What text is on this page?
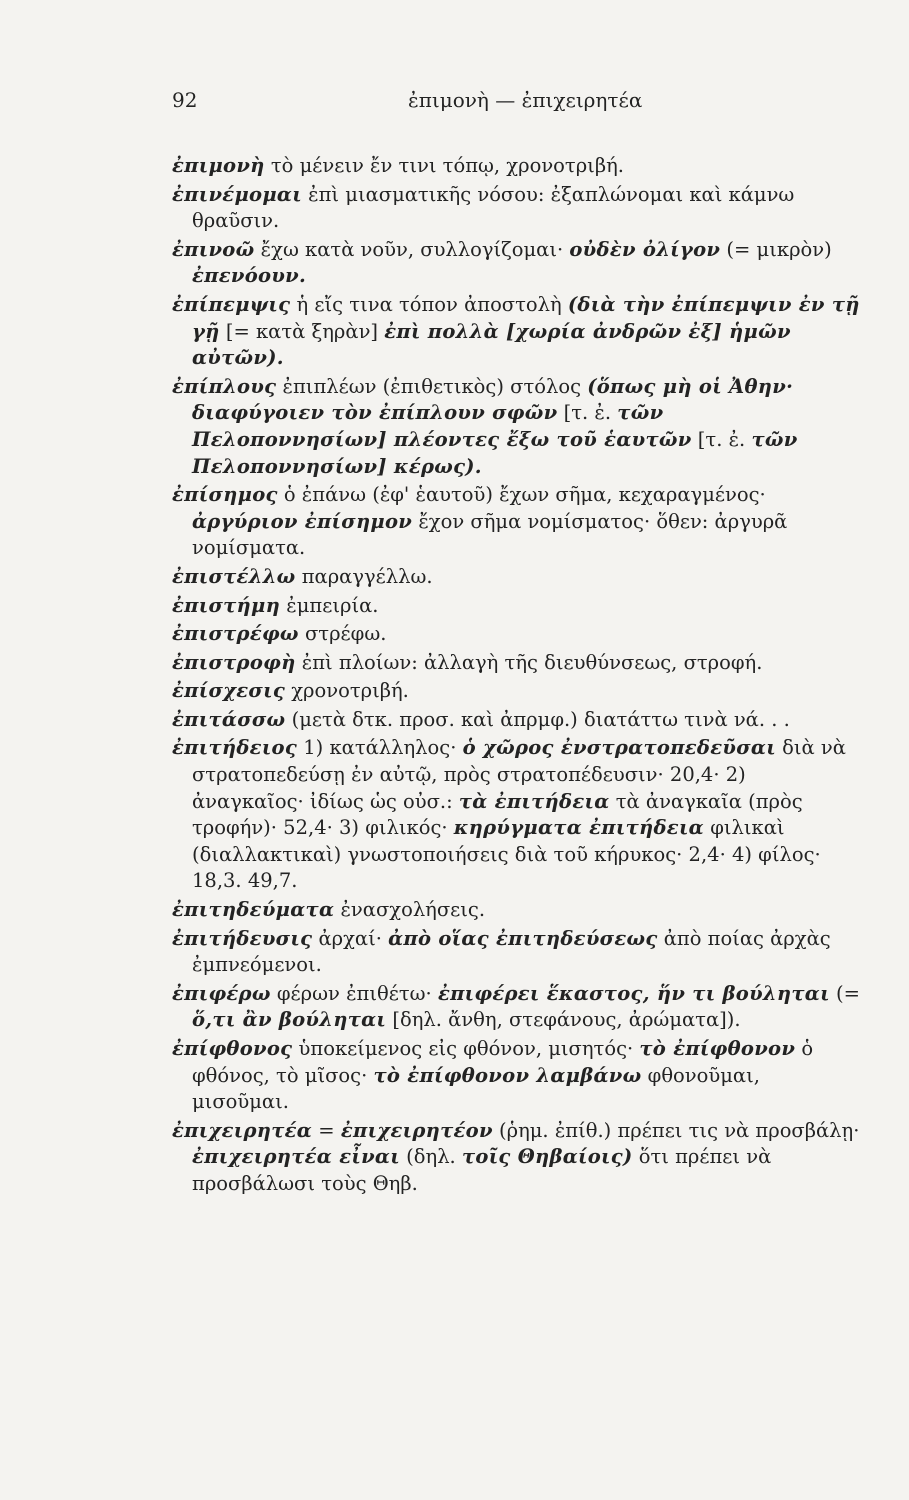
92	ἐπιμονὴ — ἐπιχειρητέα

ἐπιμονὴ τὸ μένειν ἔν τινι τόπῳ, χρονοτριβή.

ἐπινέμομαι ἐπὶ μιασματικῆς νόσου: ἐξαπλώνομαι καὶ κάμνω θραῦσιν.

ἐπινοῶ ἔχω κατὰ νοῦν, συλλογίζομαι· οὐδὲν ὀλίγον (= μικρὸν) ἐπενόουν.

ἐπίπεμψις ἡ εἴς τινα τόπον ἀποστολὴ (διὰ τὴν ἐπίπεμψιν ἐν τῇ γῇ [= κατὰ ξηρὰν] ἐπὶ πολλὰ [χωρία ἀνδρῶν ἐξ] ἡμῶν αὐτῶν).

ἐπίπλους ἐπιπλέων (ἐπιθετικὸς) στόλος (ὅπως μὴ οἱ Ἀθην· διαφύγοιεν τὸν ἐπίπλουν σφῶν [τ. ἐ. τῶν Πελοποννησίων] πλέοντες ἔξω τοῦ ἑαυτῶν [τ. ἐ. τῶν Πελοποννησίων] κέρως).

ἐπίσημος ὁ ἐπάνω (ἐφ' ἑαυτοῦ) ἔχων σῆμα, κεχαραγμένος· ἀργύριον ἐπίσημον ἔχον σῆμα νομίσματος· ὅθεν: ἀργυρᾶ νομίσματα.

ἐπιστέλλω παραγγέλλω.

ἐπιστήμη ἐμπειρία.

ἐπιστρέφω στρέφω.

ἐπιστροφὴ ἐπὶ πλοίων: ἀλλαγὴ τῆς διευθύνσεως, στροφή.

ἐπίσχεσις χρονοτριβή.

ἐπιτάσσω (μετὰ δτκ. προσ. καὶ ἀπρμφ.) διατάττω τινὰ νά. . .

ἐπιτήδειος 1) κατάλληλος· ὁ χῶρος ἐνστρατοπεδεῦσαι διὰ νὰ στρατοπεδεύσῃ ἐν αὐτῷ, πρὸς στρατοπέδευσιν· 20,4· 2) ἀναγκαῖος· ἰδίως ὡς οὐσ.: τὰ ἐπιτήδεια τὰ ἀναγκαῖα (πρὸς τροφήν)· 52,4· 3) φιλικός· κηρύγματα ἐπιτήδεια φιλικαὶ (διαλλακτικαὶ) γνωστοποιήσεις διὰ τοῦ κήρυκος· 2,4· 4) φίλος· 18,3. 49,7.

ἐπιτηδεύματα ἐνασχολήσεις.

ἐπιτήδευσις ἀρχαί· ἀπὸ οἵας ἐπιτηδεύσεως ἀπὸ ποίας ἀρχὰς ἐμπνεόμενοι.

ἐπιφέρω φέρων ἐπιθέτω· ἐπιφέρει ἕκαστος, ἥν τι βούληται (= ὅ,τι ἂν βούληται [δηλ. ἄνθη, στεφάνους, ἀρώματα]).

ἐπίφθονος ὑποκείμενος εἰς φθόνον, μισητός· τὸ ἐπίφθονον ὁ φθόνος, τὸ μῖσος· τὸ ἐπίφθονον λαμβάνω φθονοῦμαι, μισοῦμαι.

ἐπιχειρητέα = ἐπιχειρητέον (ῥημ. ἐπίθ.) πρέπει τις νὰ προσβάλῃ· ἐπιχειρητέα εἶναι (δηλ. τοῖς Θηβαίοις) ὅτι πρέπει νὰ προσβάλωσι τοὺς Θηβ.
